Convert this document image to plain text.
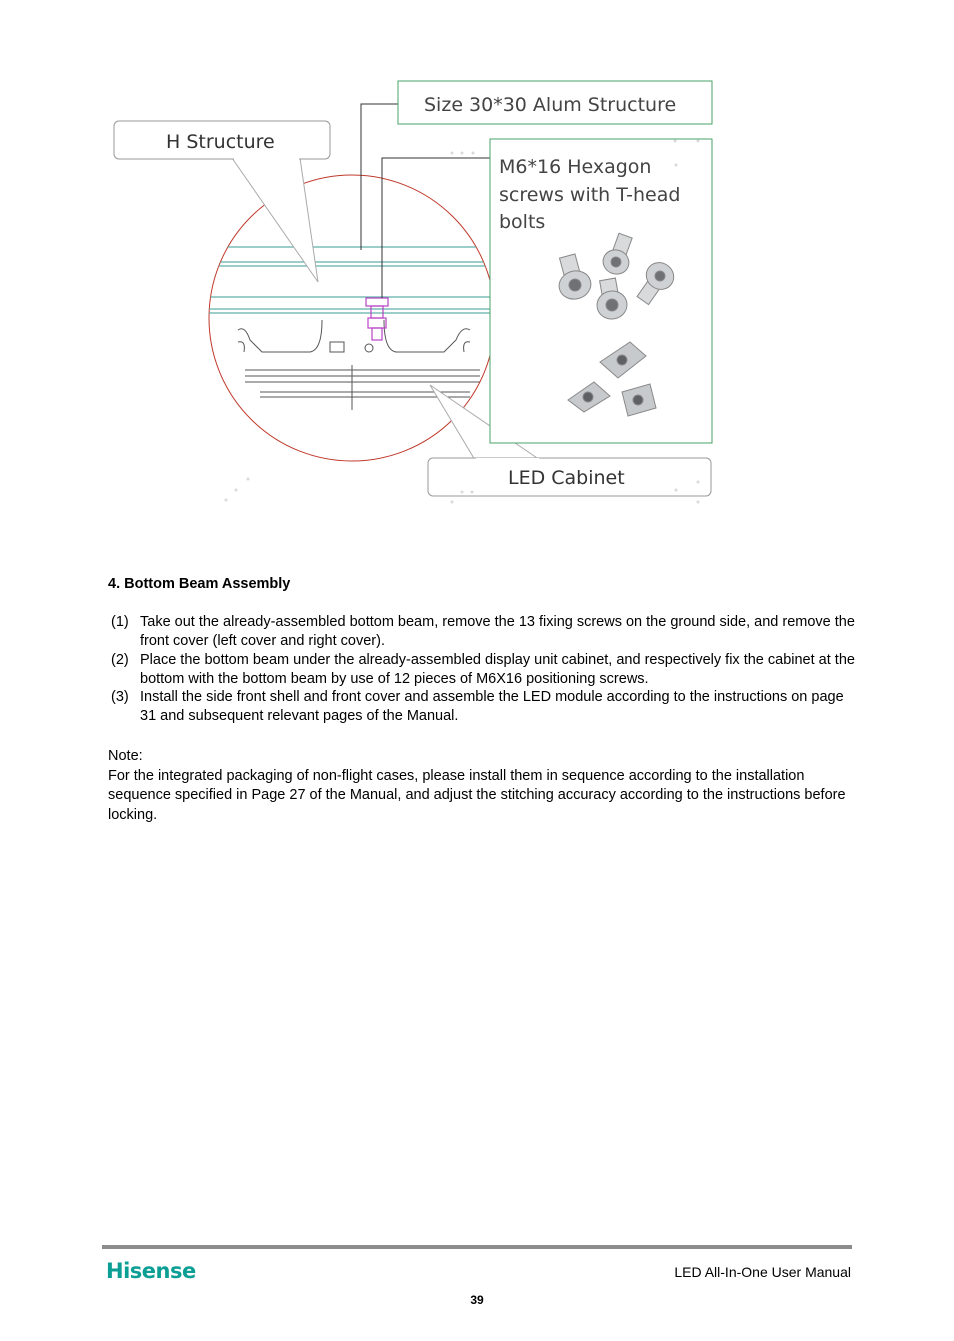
Size 30*30 Alum Structure
H Structure
M6*16 Hexagon
screws with T-head
bolts
LED Cabinet
4. Bottom Beam Assembly
(1) Take out the already-assembled bottom beam, remove the 13 fixing screws on the ground side, and remove the front cover (left cover and right cover).
(2) Place the bottom beam under the already-assembled display unit cabinet, and respectively fix the cabinet at the bottom with the bottom beam by use of 12 pieces of M6X16 positioning screws.
(3) Install the side front shell and front cover and assemble the LED module according to the instructions on page 31 and subsequent relevant pages of the Manual.
Note:
For the integrated packaging of non-flight cases, please install them in sequence according to the installation sequence specified in Page 27 of the Manual, and adjust the stitching accuracy according to the instructions before locking.
Hisense	LED All-In-One User Manual
39
